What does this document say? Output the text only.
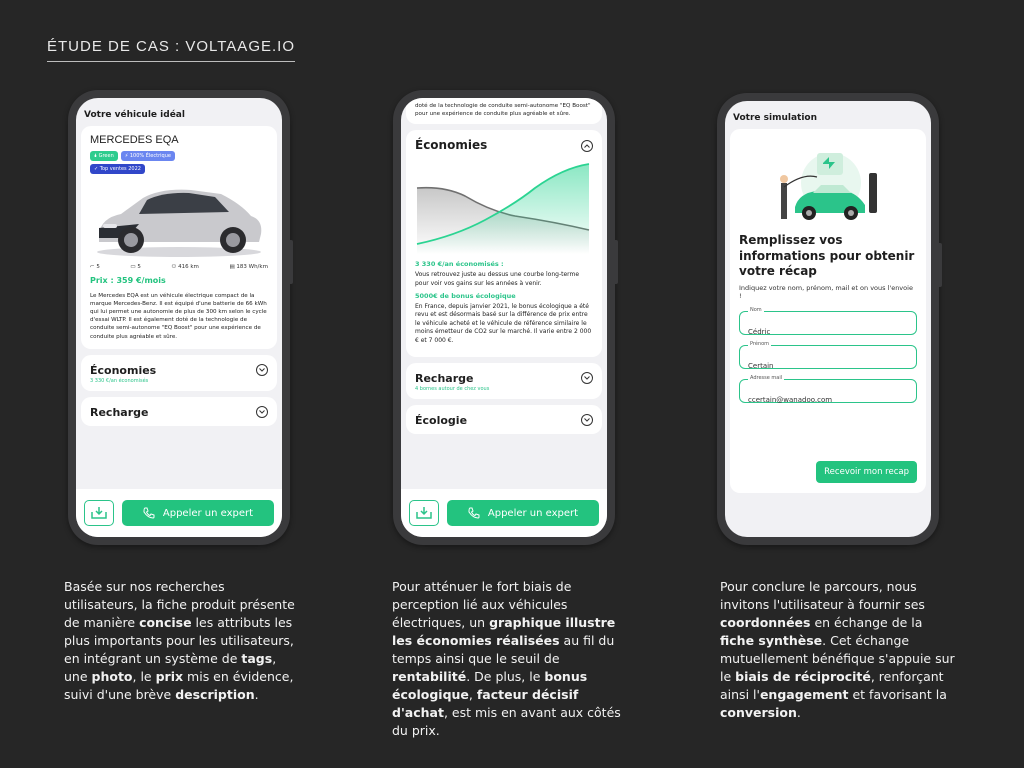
ÉTUDE DE CAS : VOLTAAGE.IO
Votre véhicule idéal
MERCEDES EQA
🌢 Green	⚡ 100% Électrique
✓ Top ventes 2022
⌐ 5	▭ 5	⚇ 416 km	▤ 183 Wh/km
Prix : 359 €/mois
Le Mercedes EQA est un véhicule électrique compact de la marque Mercedes-Benz. Il est équipé d'une batterie de 66 kWh qui lui permet une autonomie de plus de 300 km selon le cycle d'essai WLTP. Il est également doté de la technologie de conduite semi-autonome "EQ Boost" pour une expérience de conduite plus agréable et sûre.
Économies
3 330 €/an économisés
Recharge
Appeler un expert
doté de la technologie de conduite semi-autonome "EQ Boost" pour une expérience de conduite plus agréable et sûre.
Économies
3 330 €/an économisés :
Vous retrouvez juste au dessus une courbe long-terme pour voir vos gains sur les années à venir.
5000€ de bonus écologique
En France, depuis janvier 2021, le bonus écologique a été revu et est désormais basé sur la différence de prix entre le véhicule acheté et le véhicule de référence similaire le moins émetteur de CO2 sur le marché. Il varie entre 2 000 € et 7 000 €.
Recharge
4 bornes autour de chez vous
Écologie
Appeler un expert
Votre simulation
Remplissez vos informations pour obtenir votre récap
Indiquez votre nom, prénom, mail et on vous l'envoie !
Nom
Cédric
Prénom
Certain
Adresse mail
ccertain@wanadoo.com
Recevoir mon recap
Basée sur nos recherches utilisateurs, la fiche produit présente de manière concise les attributs les plus importants pour les utilisateurs, en intégrant un système de tags, une photo, le prix mis en évidence, suivi d'une brève description.
Pour atténuer le fort biais de perception lié aux véhicules électriques, un graphique illustre les économies réalisées au fil du temps ainsi que le seuil de rentabilité. De plus, le bonus écologique, facteur décisif d'achat, est mis en avant aux côtés du prix.
Pour conclure le parcours, nous invitons l'utilisateur à fournir ses coordonnées en échange de la fiche synthèse. Cet échange mutuellement bénéfique s'appuie sur le biais de réciprocité, renforçant ainsi l'engagement et favorisant la conversion.
